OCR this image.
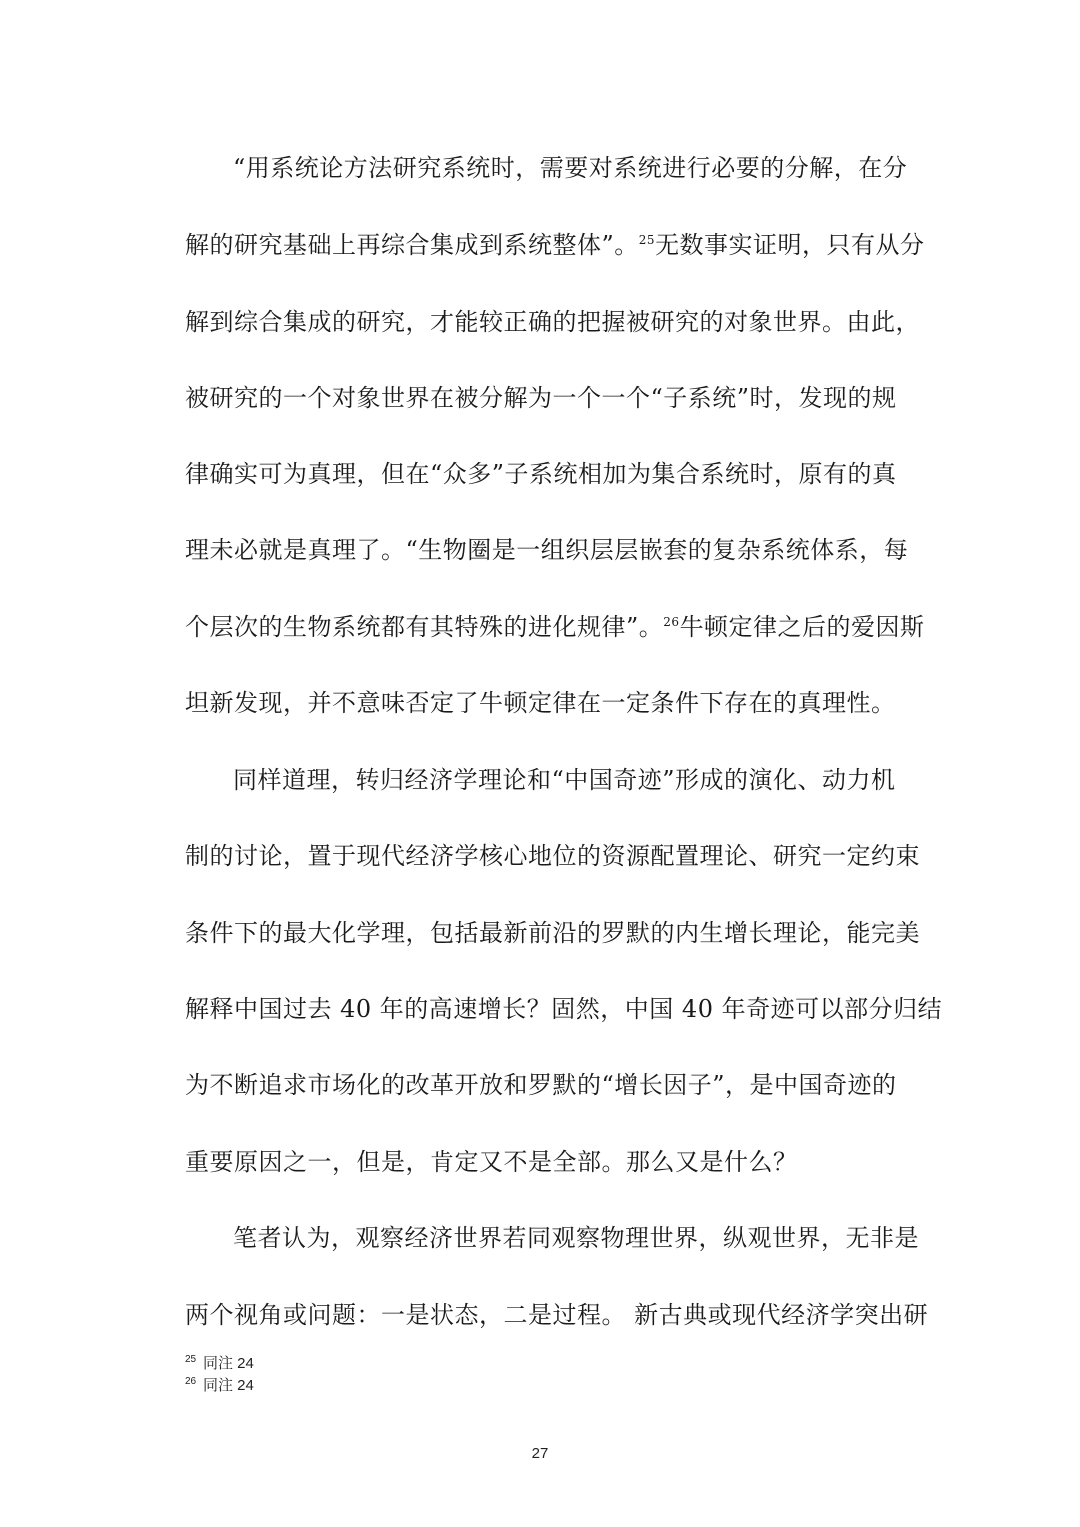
“用系统论方法研究系统时，需要对系统进行必要的分解，在分
解的研究基础上再综合集成到系统整体”。$^{25}$无数事实证明，只有从分
解到综合集成的研究，才能较正确的把握被研究的对象世界。由此，
被研究的一个对象世界在被分解为一个一个“子系统”时，发现的规
律确实可为真理，但在“众多”子系统相加为集合系统时，原有的真
理未必就是真理了。“生物圈是一组织层层嵌套的复杂系统体系，每
个层次的生物系统都有其特殊的进化规律”。$^{26}$牛顿定律之后的爱因斯
坦新发现，并不意味否定了牛顿定律在一定条件下存在的真理性。
同样道理，转归经济学理论和“中国奇迹”形成的演化、动力机
制的讨论，置于现代经济学核心地位的资源配置理论、研究一定约束
条件下的最大化学理，包括最新前沿的罗默的内生增长理论，能完美
解释中国过去 40 年的高速增长？固然，中国 40 年奇迹可以部分归结
为不断追求市场化的改革开放和罗默的“增长因子”，是中国奇迹的
重要原因之一，但是，肯定又不是全部。那么又是什么？
笔者认为，观察经济世界若同观察物理世界，纵观世界，无非是
两个视角或问题：一是状态，二是过程。 新古典或现代经济学突出研
25 同注 24
26 同注 24
27
